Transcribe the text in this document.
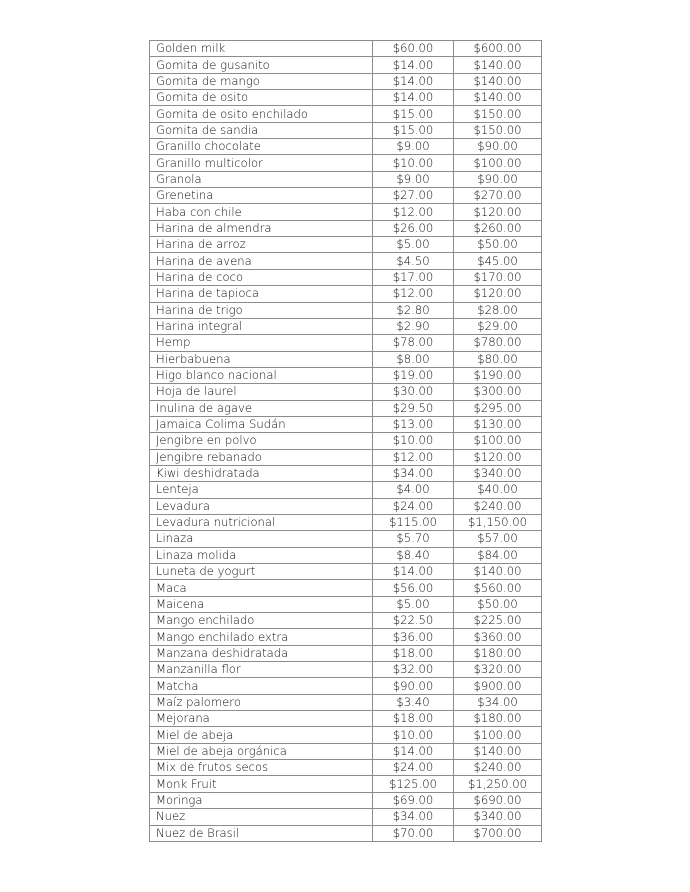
Golden milk	$60.00	$600.00
Gomita de gusanito	$14.00	$140.00
Gomita de mango	$14.00	$140.00
Gomita de osito	$14.00	$140.00
Gomita de osito enchilado	$15.00	$150.00
Gomita de sandia	$15.00	$150.00
Granillo chocolate	$9.00	$90.00
Granillo multicolor	$10.00	$100.00
Granola	$9.00	$90.00
Grenetina	$27.00	$270.00
Haba con chile	$12.00	$120.00
Harina de almendra	$26.00	$260.00
Harina de arroz	$5.00	$50.00
Harina de avena	$4.50	$45.00
Harina de coco	$17.00	$170.00
Harina de tapioca	$12.00	$120.00
Harina de trigo	$2.80	$28.00
Harina integral	$2.90	$29.00
Hemp	$78.00	$780.00
Hierbabuena	$8.00	$80.00
Higo blanco nacional	$19.00	$190.00
Hoja de laurel	$30.00	$300.00
Inulina de agave	$29.50	$295.00
Jamaica Colima Sudán	$13.00	$130.00
Jengibre en polvo	$10.00	$100.00
Jengibre rebanado	$12.00	$120.00
Kiwi deshidratada	$34.00	$340.00
Lenteja	$4.00	$40.00
Levadura	$24.00	$240.00
Levadura nutricional	$115.00	$1,150.00
Linaza	$5.70	$57.00
Linaza molida	$8.40	$84.00
Luneta de yogurt	$14.00	$140.00
Maca	$56.00	$560.00
Maicena	$5.00	$50.00
Mango enchilado	$22.50	$225.00
Mango enchilado extra	$36.00	$360.00
Manzana deshidratada	$18.00	$180.00
Manzanilla flor	$32.00	$320.00
Matcha	$90.00	$900.00
Maíz palomero	$3.40	$34.00
Mejorana	$18.00	$180.00
Miel de abeja	$10.00	$100.00
Miel de abeja orgánica	$14.00	$140.00
Mix de frutos secos	$24.00	$240.00
Monk Fruit	$125.00	$1,250.00
Moringa	$69.00	$690.00
Nuez	$34.00	$340.00
Nuez de Brasil	$70.00	$700.00
